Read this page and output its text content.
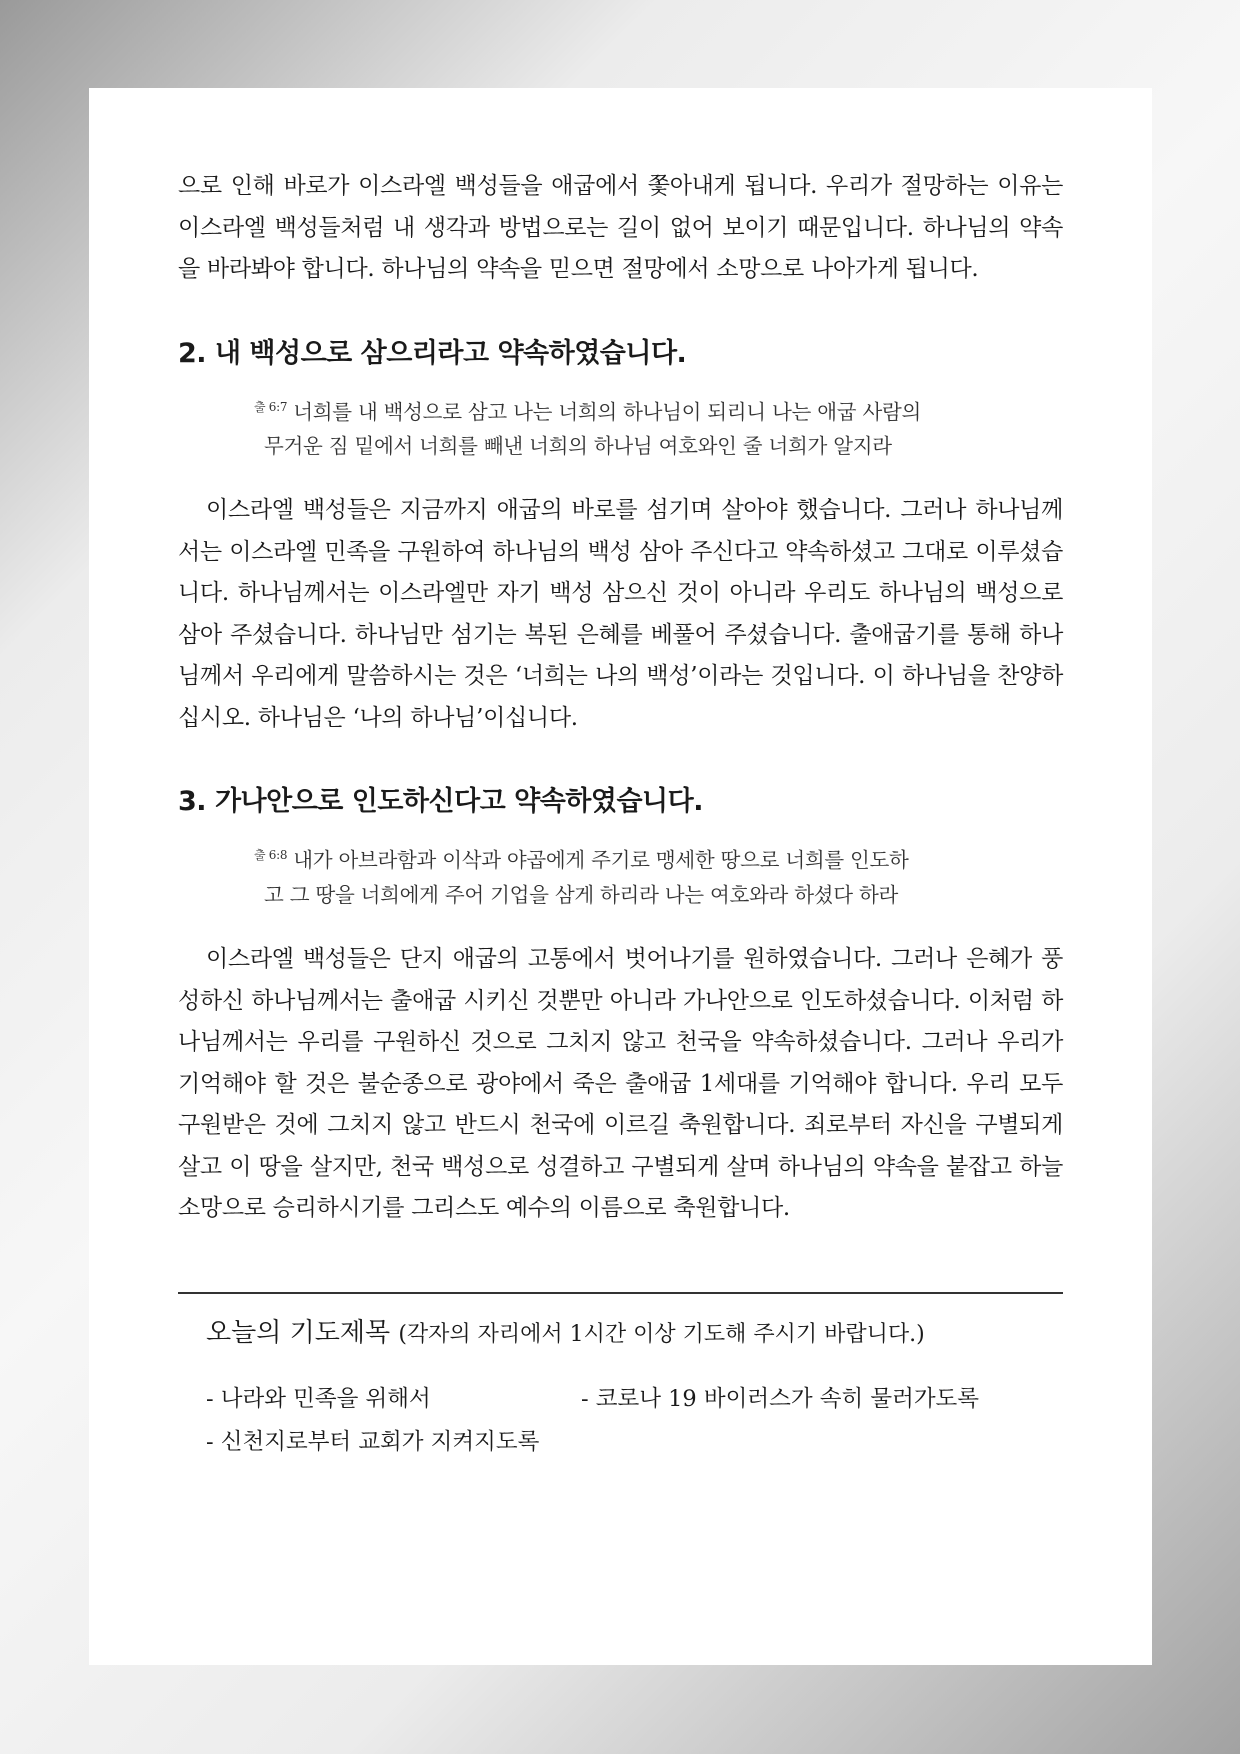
으로 인해 바로가 이스라엘 백성들을 애굽에서 쫓아내게 됩니다. 우리가 절망하는 이유는 이스라엘 백성들처럼 내 생각과 방법으로는 길이 없어 보이기 때문입니다. 하나님의 약속을 바라봐야 합니다. 하나님의 약속을 믿으면 절망에서 소망으로 나아가게 됩니다.

2. 내 백성으로 삼으리라고 약속하였습니다.
$^{출 6:7}$ 너희를 내 백성으로 삼고 나는 너희의 하나님이 되리니 나는 애굽 사람의
무거운 짐 밑에서 너희를 빼낸 너희의 하나님 여호와인 줄 너희가 알지라

이스라엘 백성들은 지금까지 애굽의 바로를 섬기며 살아야 했습니다. 그러나 하나님께서는 이스라엘 민족을 구원하여 하나님의 백성 삼아 주신다고 약속하셨고 그대로 이루셨습니다. 하나님께서는 이스라엘만 자기 백성 삼으신 것이 아니라 우리도 하나님의 백성으로 삼아 주셨습니다. 하나님만 섬기는 복된 은혜를 베풀어 주셨습니다. 출애굽기를 통해 하나님께서 우리에게 말씀하시는 것은 ‘너희는 나의 백성’이라는 것입니다. 이 하나님을 찬양하십시오. 하나님은 ‘나의 하나님’이십니다.

3. 가나안으로 인도하신다고 약속하였습니다.
$^{출 6:8}$ 내가 아브라함과 이삭과 야곱에게 주기로 맹세한 땅으로 너희를 인도하
고 그 땅을 너희에게 주어 기업을 삼게 하리라 나는 여호와라 하셨다 하라

이스라엘 백성들은 단지 애굽의 고통에서 벗어나기를 원하였습니다. 그러나 은혜가 풍성하신 하나님께서는 출애굽 시키신 것뿐만 아니라 가나안으로 인도하셨습니다. 이처럼 하나님께서는 우리를 구원하신 것으로 그치지 않고 천국을 약속하셨습니다. 그러나 우리가 기억해야 할 것은 불순종으로 광야에서 죽은 출애굽 1세대를 기억해야 합니다. 우리 모두 구원받은 것에 그치지 않고 반드시 천국에 이르길 축원합니다. 죄로부터 자신을 구별되게 살고 이 땅을 살지만, 천국 백성으로 성결하고 구별되게 살며 하나님의 약속을 붙잡고 하늘 소망으로 승리하시기를 그리스도 예수의 이름으로 축원합니다.

오늘의 기도제목 (각자의 자리에서 1시간 이상 기도해 주시기 바랍니다.)

- 나라와 민족을 위해서	- 코로나 19 바이러스가 속히 물러가도록
- 신천지로부터 교회가 지켜지도록
